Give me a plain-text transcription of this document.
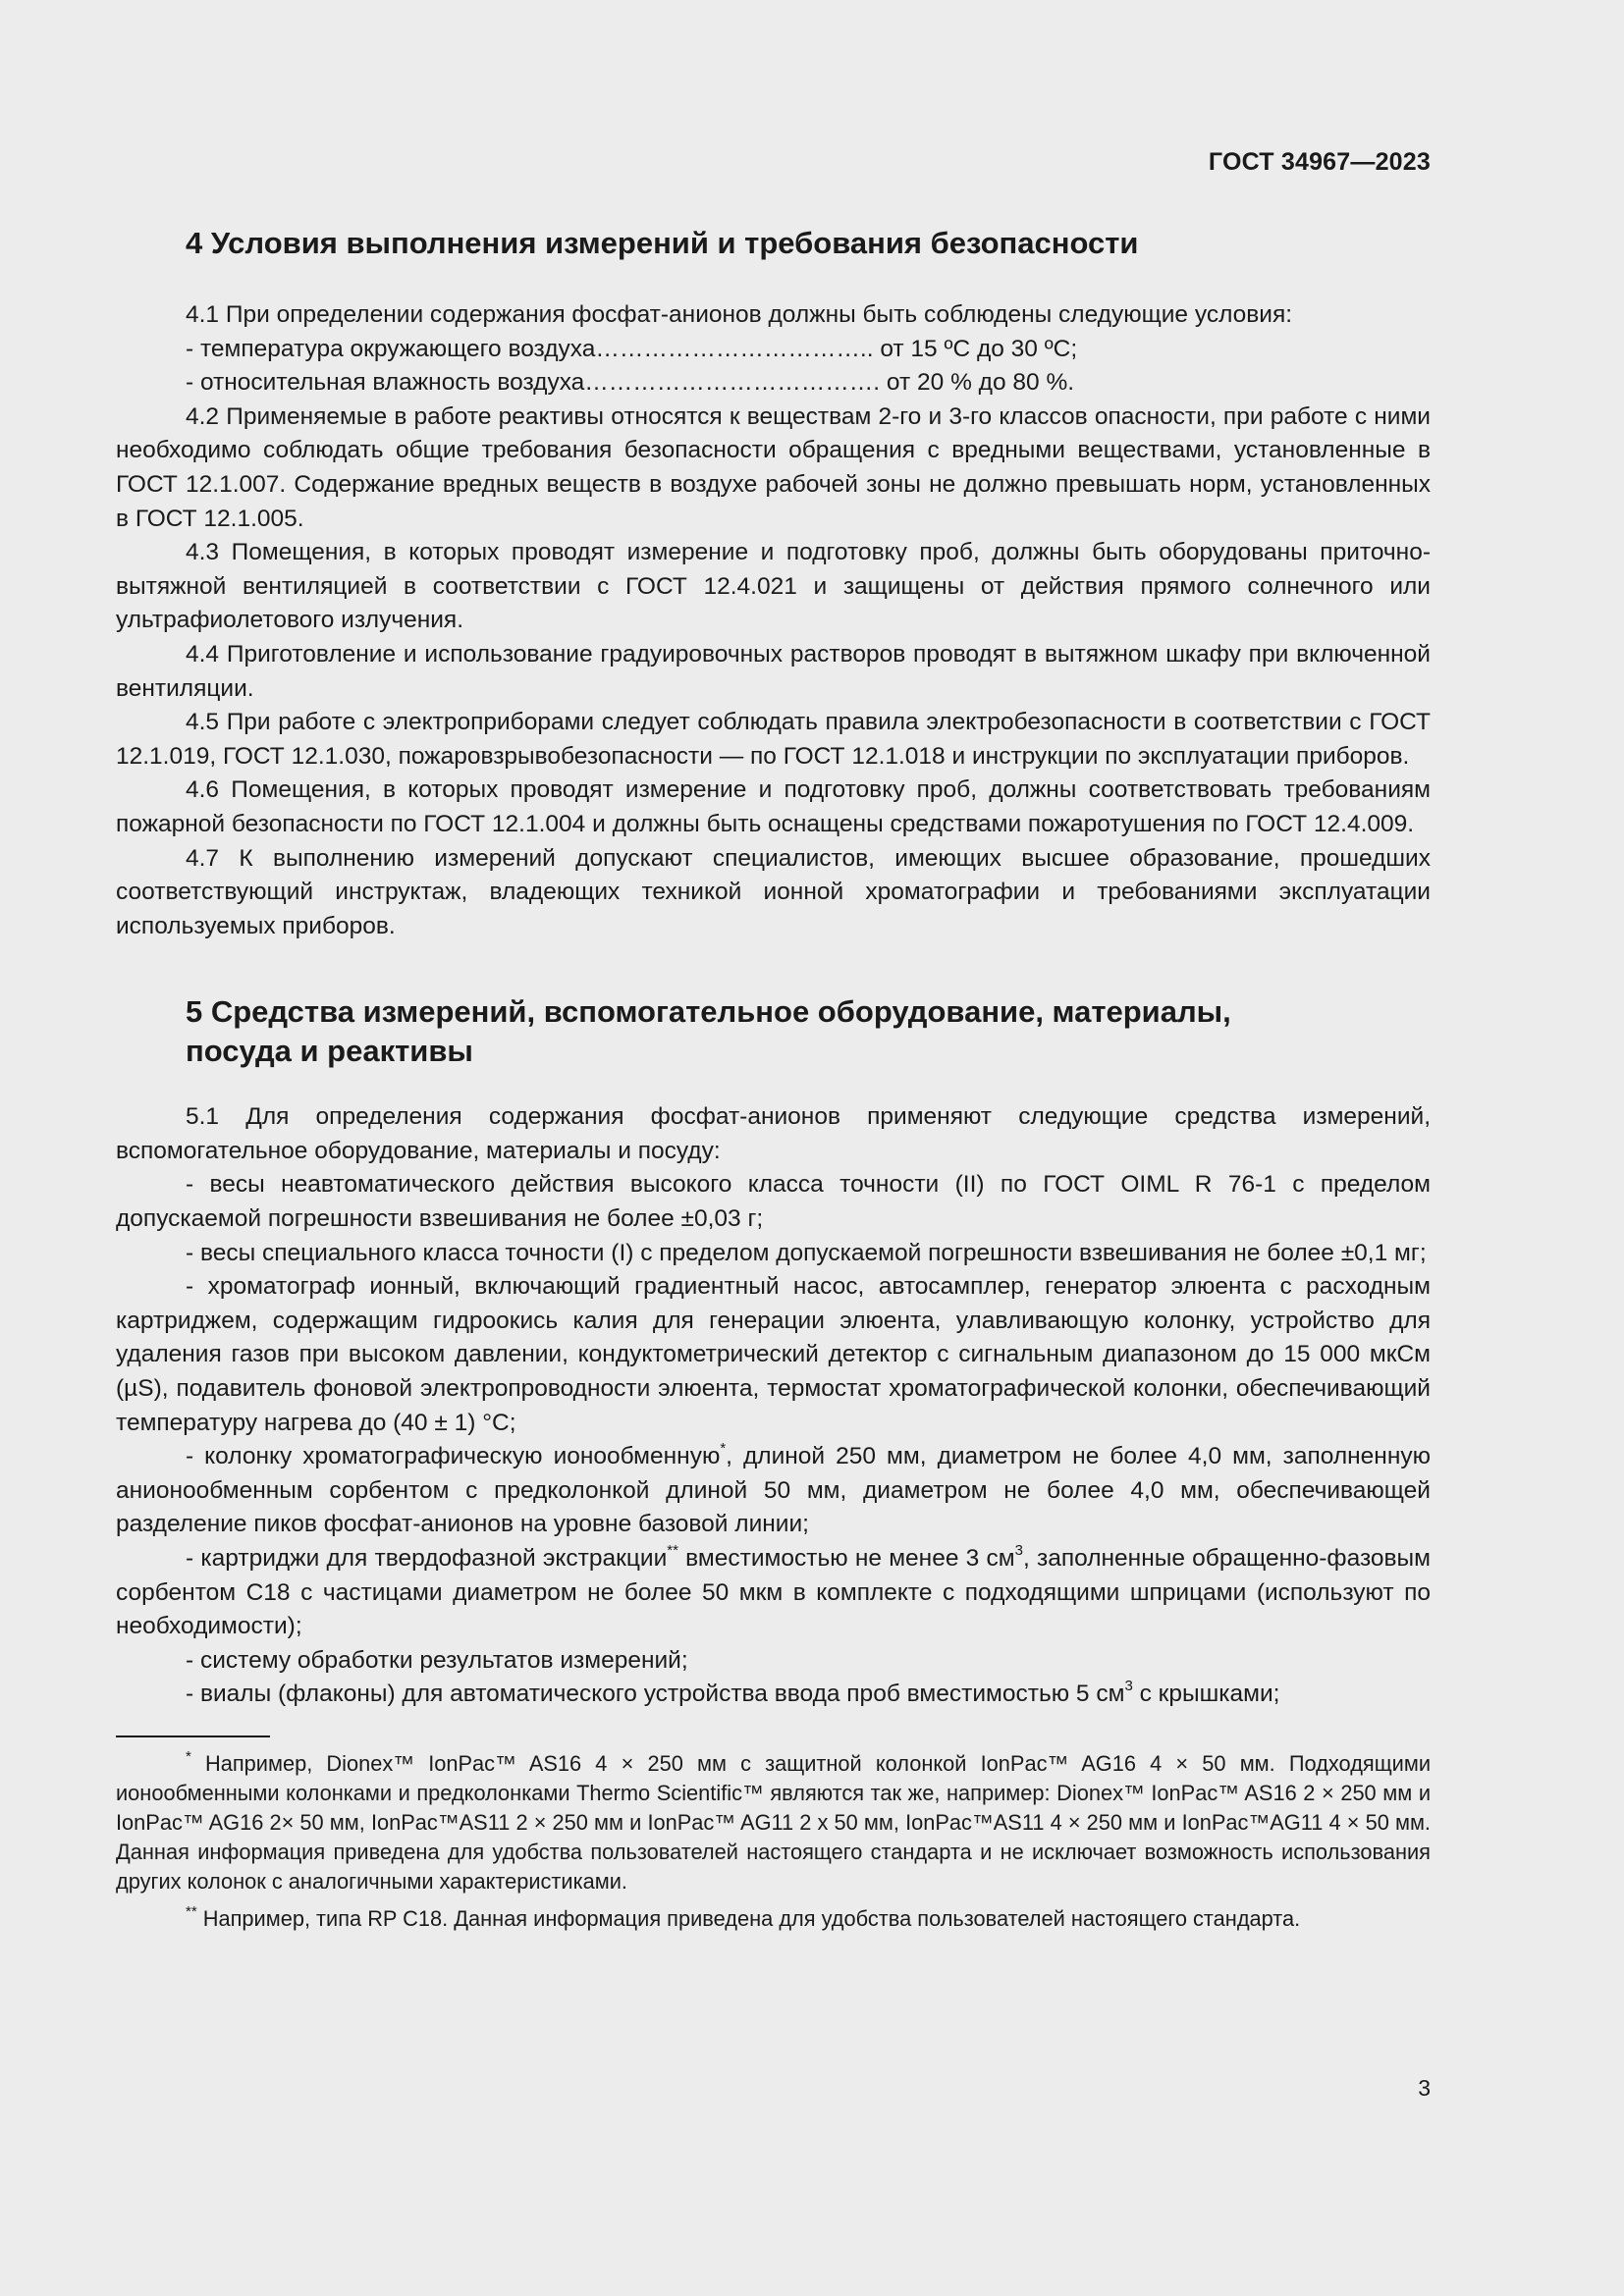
ГОСТ 34967—2023
4 Условия выполнения измерений и требования безопасности

4.1 При определении содержания фосфат-анионов должны быть соблюдены следующие условия:

- температура окружающего воздуха…………………………….. от 15 ºС до 30 ºС;

- относительная влажность воздуха………………………………. от 20 % до 80 %.

4.2 Применяемые в работе реактивы относятся к веществам 2-го и 3-го классов опасности, при работе с ними необходимо соблюдать общие требования безопасности обращения с вредными веществами, установленные в ГОСТ 12.1.007. Содержание вредных веществ в воздухе рабочей зоны не должно превышать норм, установленных в ГОСТ 12.1.005.

4.3 Помещения, в которых проводят измерение и подготовку проб, должны быть оборудованы приточно-вытяжной вентиляцией в соответствии с ГОСТ 12.4.021 и защищены от действия прямого солнечного или ультрафиолетового излучения.

4.4 Приготовление и использование градуировочных растворов проводят в вытяжном шкафу при включенной вентиляции.

4.5 При работе с электроприборами следует соблюдать правила электробезопасности в соответствии с ГОСТ 12.1.019, ГОСТ 12.1.030, пожаровзрывобезопасности — по ГОСТ 12.1.018 и инструкции по эксплуатации приборов.

4.6 Помещения, в которых проводят измерение и подготовку проб, должны соответствовать требованиям пожарной безопасности по ГОСТ 12.1.004 и должны быть оснащены средствами пожаротушения по ГОСТ 12.4.009.

4.7 К выполнению измерений допускают специалистов, имеющих высшее образование, прошедших соответствующий инструктаж, владеющих техникой ионной хроматографии и требованиями эксплуатации используемых приборов.

5 Средства измерений, вспомогательное оборудование, материалы,
посуда и реактивы

5.1 Для определения содержания фосфат-анионов применяют следующие средства измерений, вспомогательное оборудование, материалы и посуду:

- весы неавтоматического действия высокого класса точности (II) по ГОСТ OIML R 76-1 с пределом допускаемой погрешности взвешивания не более ±0,03 г;

- весы специального класса точности (I) с пределом допускаемой погрешности взвешивания не более ±0,1 мг;

- хроматограф ионный, включающий градиентный насос, автосамплер, генератор элюента с расходным картриджем, содержащим гидроокись калия для генерации элюента, улавливающую колонку, устройство для удаления газов при высоком давлении, кондуктометрический детектор с сигнальным диапазоном до 15 000 мкСм (µS), подавитель фоновой электропроводности элюента, термостат хроматографической колонки, обеспечивающий температуру нагрева до (40 ± 1) °C;

- колонку хроматографическую ионообменную*, длиной 250 мм, диаметром не более 4,0 мм, заполненную анионообменным сорбентом с предколонкой длиной 50 мм, диаметром не более 4,0 мм, обеспечивающей разделение пиков фосфат-анионов на уровне базовой линии;

- картриджи для твердофазной экстракции** вместимостью не менее 3 $см^3$, заполненные обращенно-фазовым сорбентом С18 с частицами диаметром не более 50 мкм в комплекте с подходящими шприцами (используют по необходимости);

- систему обработки результатов измерений;

- виалы (флаконы) для автоматического устройства ввода проб вместимостью 5 $см^3$ с крышками;

* Например, Dionex™ IonPac™ AS16 4 × 250 мм с защитной колонкой IonPac™ AG16 4 × 50 мм. Подходящими ионообменными колонками и предколонками Thermo Scientific™ являются так же, например: Dionex™ IonPac™ AS16 2 × 250 мм и IonPac™ AG16 2× 50 мм, IonPac™AS11 2 × 250 мм и IonPac™ AG11 2 x 50 мм, IonPac™AS11 4 × 250 мм и IonPac™AG11 4 × 50 мм. Данная информация приведена для удобства пользователей настоящего стандарта и не исключает возможность использования других колонок с аналогичными характеристиками.

** Например, типа RP C18. Данная информация приведена для удобства пользователей настоящего стандарта.

3
